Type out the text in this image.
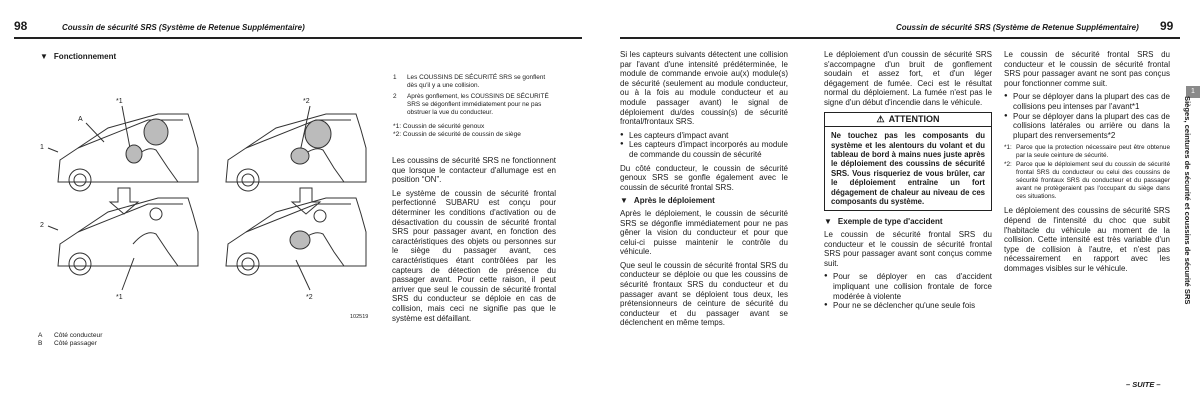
98	Coussin de sécurité SRS (Système de Retenue Supplémentaire)
▼ Fonctionnement
*1	*2
A
1
2
*1	*2
102519
A Côté conducteur
B Côté passager
1 Les COUSSINS DE SÉCURITÉ SRS se gonflent dès qu'il y a une collision.
2 Après gonflement, les COUSSINS DE SÉCURITÉ SRS se dégonflent immédiatement pour ne pas obstruer la vue du conducteur.
*1: Coussin de sécurité genoux
*2: Coussin de sécurité de coussin de siège

Les coussins de sécurité SRS ne fonctionnent que lorsque le contacteur d'allumage est en position “ON”.

Le système de coussin de sécurité frontal perfectionné SUBARU est conçu pour déterminer les conditions d'activation ou de désactivation du coussin de sécurité frontal SRS pour passager avant, en fonction des caractéristiques des objets ou personnes sur le siège du passager avant, ces caractéristiques étant contrôlées par les capteurs de détection de présence du passager avant. Pour cette raison, il peut arriver que seul le coussin de sécurité frontal SRS du conducteur se déploie en cas de collision, mais ceci ne signifie pas que le système est défaillant.

Coussin de sécurité SRS (Système de Retenue Supplémentaire) 99

Si les capteurs suivants détectent une collision par l'avant d'une intensité prédéterminée, le module de commande envoie au(x) module(s) de sécurité (seulement au module conducteur, ou à la fois au module conducteur et au module passager avant) le signal de déploiement du/des coussin(s) de sécurité frontal/frontaux SRS.

● Les capteurs d'impact avant
● Les capteurs d'impact incorporés au module de commande du coussin de sécurité

Du côté conducteur, le coussin de sécurité genoux SRS se gonfle également avec le coussin de sécurité frontal SRS.

▼ Après le déploiement

Après le déploiement, le coussin de sécurité SRS se dégonfle immédiatement pour ne pas gêner la vision du conducteur et pour que celui-ci puisse maintenir le contrôle du véhicule.

Que seul le coussin de sécurité frontal SRS du conducteur se déploie ou que les coussins de sécurité frontaux SRS du conducteur et du passager avant se déploient tous deux, les prétensionneurs de ceinture de sécurité du conducteur et du passager avant se déclenchent en même temps.

Le déploiement d'un coussin de sécurité SRS s'accompagne d'un bruit de gonflement soudain et assez fort, et d'un léger dégagement de fumée. Ceci est le résultat normal du déploiement. La fumée n'est pas le signe d'un début d'incendie dans le véhicule.

⚠ ATTENTION
Ne touchez pas les composants du système et les alentours du volant et du tableau de bord à mains nues juste après le déploiement des coussins de sécurité SRS. Vous risqueriez de vous brûler, car le déploiement entraîne un fort dégagement de chaleur au niveau de ces composants du système.
▼ Exemple de type d'accident

Le coussin de sécurité frontal SRS du conducteur et le coussin de sécurité frontal SRS pour passager avant sont conçus comme suit.

● Pour se déployer en cas d'accident impliquant une collision frontale de force modérée à violente
● Pour ne se déclencher qu'une seule fois

Le coussin de sécurité frontal SRS du conducteur et le coussin de sécurité frontal SRS pour passager avant ne sont pas conçus pour fonctionner comme suit.

● Pour se déployer dans la plupart des cas de collisions peu intenses par l'avant*1
● Pour se déployer dans la plupart des cas de collisions latérales ou arrière ou dans la plupart des renversements*2
*1: Parce que la protection nécessaire peut être obtenue par la seule ceinture de sécurité.
*2: Parce que le déploiement seul du coussin de sécurité frontal SRS du conducteur ou celui des coussins de sécurité frontaux SRS du conducteur et du passager avant ne protègeraient pas l'occupant du siège dans ces situations.

Le déploiement des coussins de sécurité SRS dépend de l'intensité du choc que subit l'habitacle du véhicule au moment de la collision. Cette intensité est très variable d'un type de collision à l'autre, et n'est pas nécessairement en rapport avec les dommages visibles sur le véhicule.

1
Sièges, ceintures de sécurité et coussins de sécurité SRS
– SUITE –
